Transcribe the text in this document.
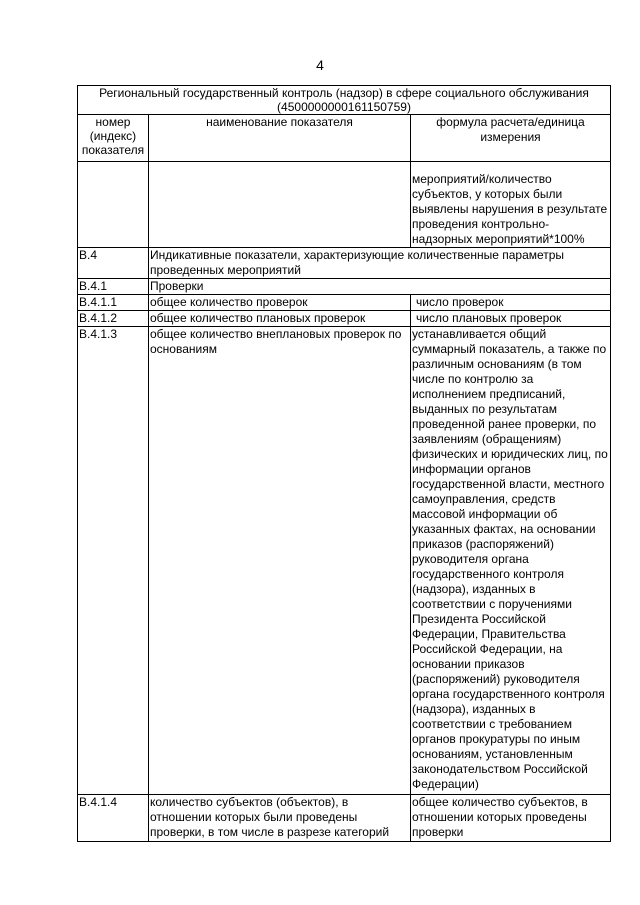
4
Региональный государственный контроль (надзор) в сфере социального обслуживания
(4500000000161150759)		
номер (индекс) показателя	наименование показателя	формула расчета/единица измерения
		мероприятий/количество субъектов, у которых были выявлены нарушения в результате проведения контрольно-надзорных мероприятий*100%
В.4	Индикативные показатели, характеризующие количественные параметры проведенных мероприятий	
В.4.1	Проверки	
В.4.1.1	общее количество проверок	число проверок
В.4.1.2	общее количество плановых проверок	число плановых проверок
В.4.1.3	общее количество внеплановых проверок по основаниям	устанавливается общий суммарный показатель, а также по различным основаниям (в том числе по контролю за исполнением предписаний, выданных по результатам проведенной ранее проверки, по заявлениям (обращениям) физических и юридических лиц, по информации органов государственной власти, местного самоуправления, средств массовой информации об указанных фактах, на основании приказов (распоряжений) руководителя органа государственного контроля (надзора), изданных в соответствии с поручениями Президента Российской Федерации, Правительства Российской Федерации, на основании приказов (распоряжений) руководителя органа государственного контроля (надзора), изданных в соответствии с требованием органов прокуратуры по иным основаниям, установленным законодательством Российской Федерации)
В.4.1.4	количество субъектов (объектов), в отношении которых были проведены проверки, в том числе в разрезе категорий	общее количество субъектов, в отношении которых проведены проверки
